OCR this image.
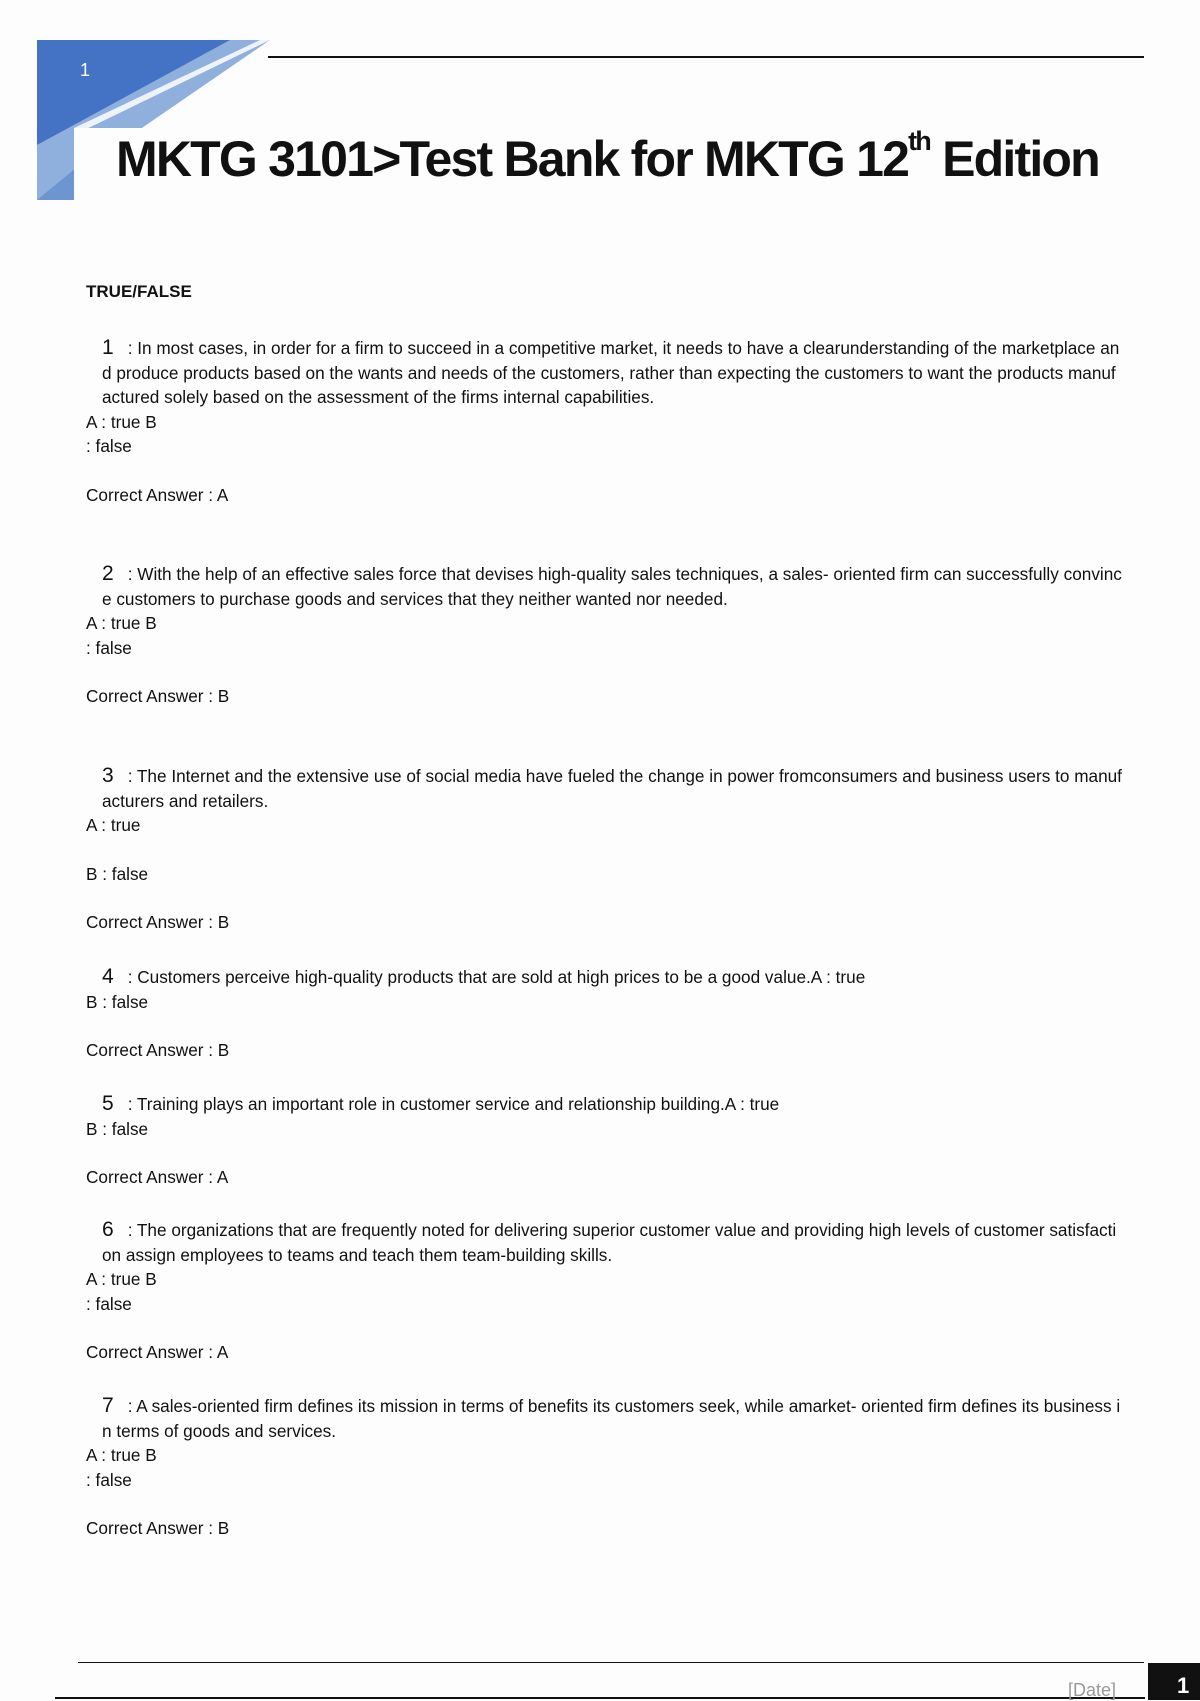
1
MKTG 3101>Test Bank for MKTG 12th Edition
TRUE/FALSE
1 : In most cases, in order for a firm to succeed in a competitive market, it needs to have a clearunderstanding of the marketplace and produce products based on the wants and needs of the customers, rather than expecting the customers to want the products manufactured solely based on the assessment of the firms internal capabilities.
A : true B
: false
Correct Answer : A
2 : With the help of an effective sales force that devises high-quality sales techniques, a sales- oriented firm can successfully convince customers to purchase goods and services that they neither wanted nor needed.
A : true B
: false
Correct Answer : B
3 : The Internet and the extensive use of social media have fueled the change in power fromconsumers and business users to manufacturers and retailers.
A : true
B : false
Correct Answer : B
4 : Customers perceive high-quality products that are sold at high prices to be a good value.A : true
B : false
Correct Answer : B
5 : Training plays an important role in customer service and relationship building.A : true
B : false
Correct Answer : A
6 : The organizations that are frequently noted for delivering superior customer value and providing high levels of customer satisfaction assign employees to teams and teach them team-building skills.
A : true B
: false
Correct Answer : A
7 : A sales-oriented firm defines its mission in terms of benefits its customers seek, while amarket- oriented firm defines its business in terms of goods and services.
A : true B
: false
Correct Answer : B
[Date]	1
